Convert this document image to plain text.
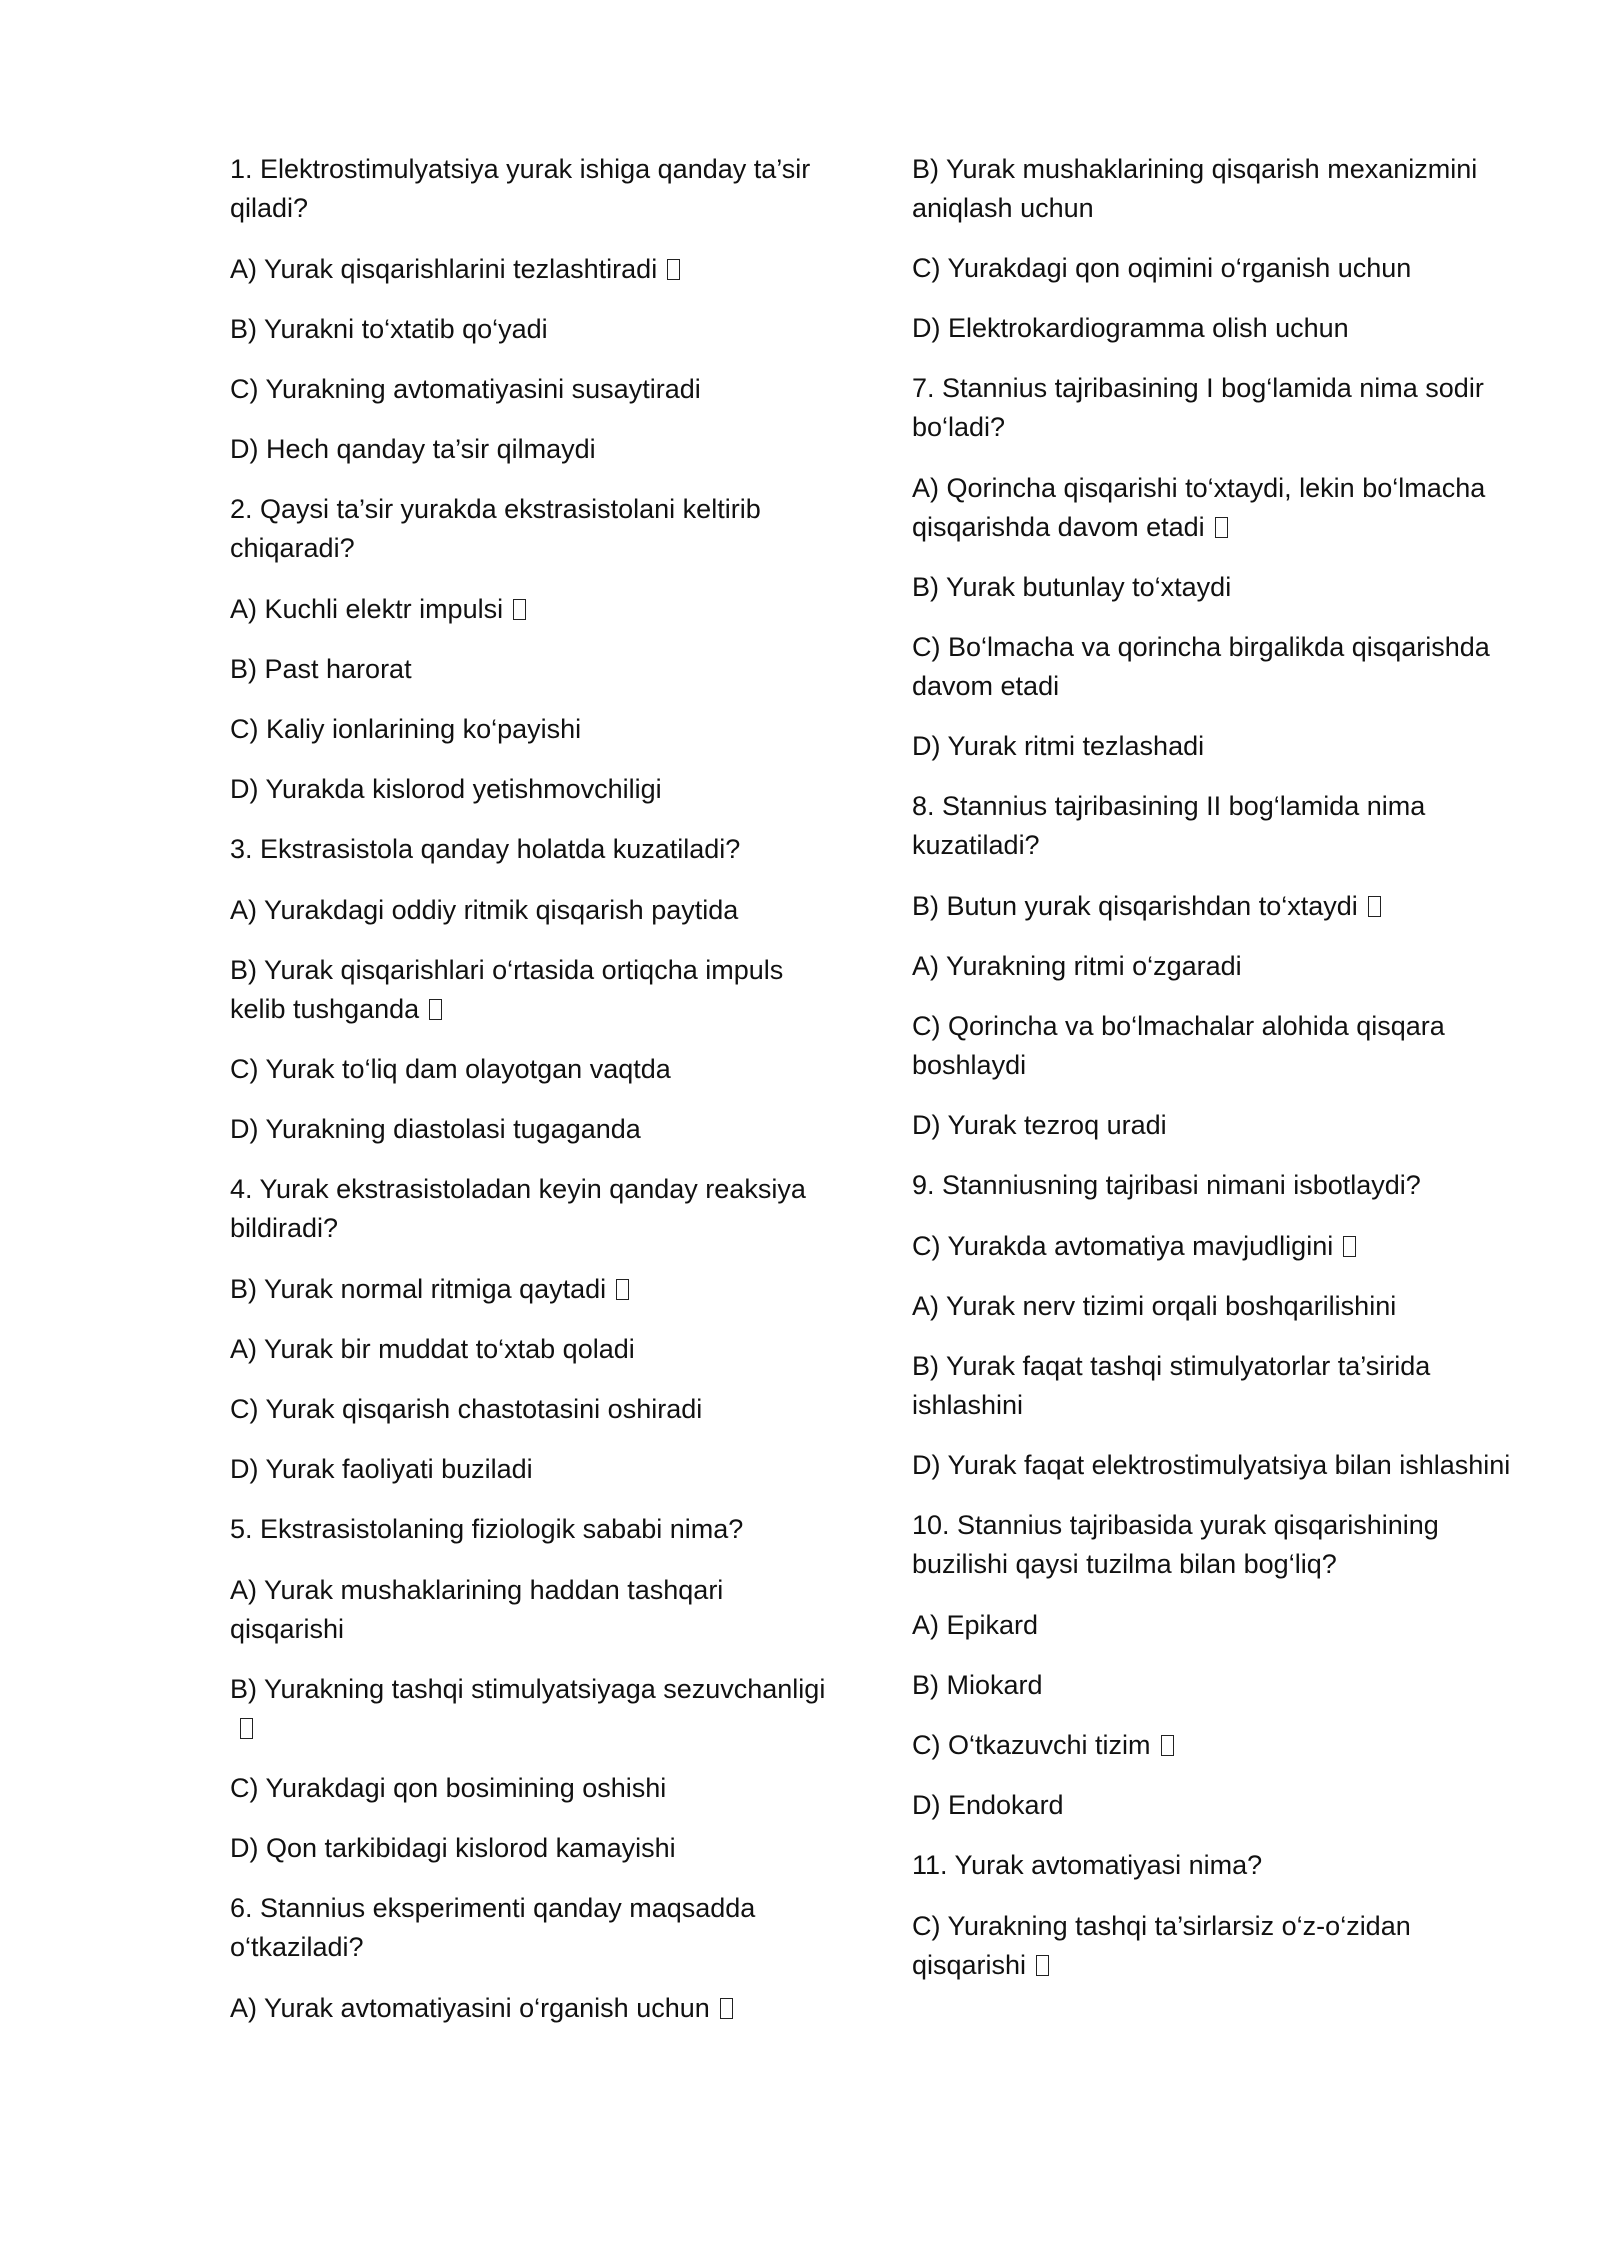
1. Elektrostimulyatsiya yurak ishiga qanday ta’sir qiladi?
A) Yurak qisqarishlarini tezlashtiradi
B) Yurakni to‘xtatib qo‘yadi
C) Yurakning avtomatiyasini susaytiradi
D) Hech qanday ta’sir qilmaydi
2. Qaysi ta’sir yurakda ekstrasistolani keltirib chiqaradi?
A) Kuchli elektr impulsi
B) Past harorat
C) Kaliy ionlarining ko‘payishi
D) Yurakda kislorod yetishmovchiligi
3. Ekstrasistola qanday holatda kuzatiladi?
A) Yurakdagi oddiy ritmik qisqarish paytida
B) Yurak qisqarishlari o‘rtasida ortiqcha impuls kelib tushganda
C) Yurak to‘liq dam olayotgan vaqtda
D) Yurakning diastolasi tugaganda
4. Yurak ekstrasistoladan keyin qanday reaksiya bildiradi?
B) Yurak normal ritmiga qaytadi
A) Yurak bir muddat to‘xtab qoladi
C) Yurak qisqarish chastotasini oshiradi
D) Yurak faoliyati buziladi
5. Ekstrasistolaning fiziologik sababi nima?
A) Yurak mushaklarining haddan tashqari qisqarishi
B) Yurakning tashqi stimulyatsiyaga sezuvchanligi
C) Yurakdagi qon bosimining oshishi
D) Qon tarkibidagi kislorod kamayishi
6. Stannius eksperimenti qanday maqsadda o‘tkaziladi?
A) Yurak avtomatiyasini o‘rganish uchun
B) Yurak mushaklarining qisqarish mexanizmini aniqlash uchun
C) Yurakdagi qon oqimini o‘rganish uchun
D) Elektrokardiogramma olish uchun
7. Stannius tajribasining I bog‘lamida nima sodir bo‘ladi?
A) Qorincha qisqarishi to‘xtaydi, lekin bo‘lmacha qisqarishda davom etadi
B) Yurak butunlay to‘xtaydi
C) Bo‘lmacha va qorincha birgalikda qisqarishda davom etadi
D) Yurak ritmi tezlashadi
8. Stannius tajribasining II bog‘lamida nima kuzatiladi?
B) Butun yurak qisqarishdan to‘xtaydi
A) Yurakning ritmi o‘zgaradi
C) Qorincha va bo‘lmachalar alohida qisqara boshlaydi
D) Yurak tezroq uradi
9. Stanniusning tajribasi nimani isbotlaydi?
C) Yurakda avtomatiya mavjudligini
A) Yurak nerv tizimi orqali boshqarilishini
B) Yurak faqat tashqi stimulyatorlar ta’sirida ishlashini
D) Yurak faqat elektrostimulyatsiya bilan ishlashini
10. Stannius tajribasida yurak qisqarishining buzilishi qaysi tuzilma bilan bog‘liq?
A) Epikard
B) Miokard
C) O‘tkazuvchi tizim
D) Endokard
11. Yurak avtomatiyasi nima?
C) Yurakning tashqi ta’sirlarsiz o‘z-o‘zidan qisqarishi
